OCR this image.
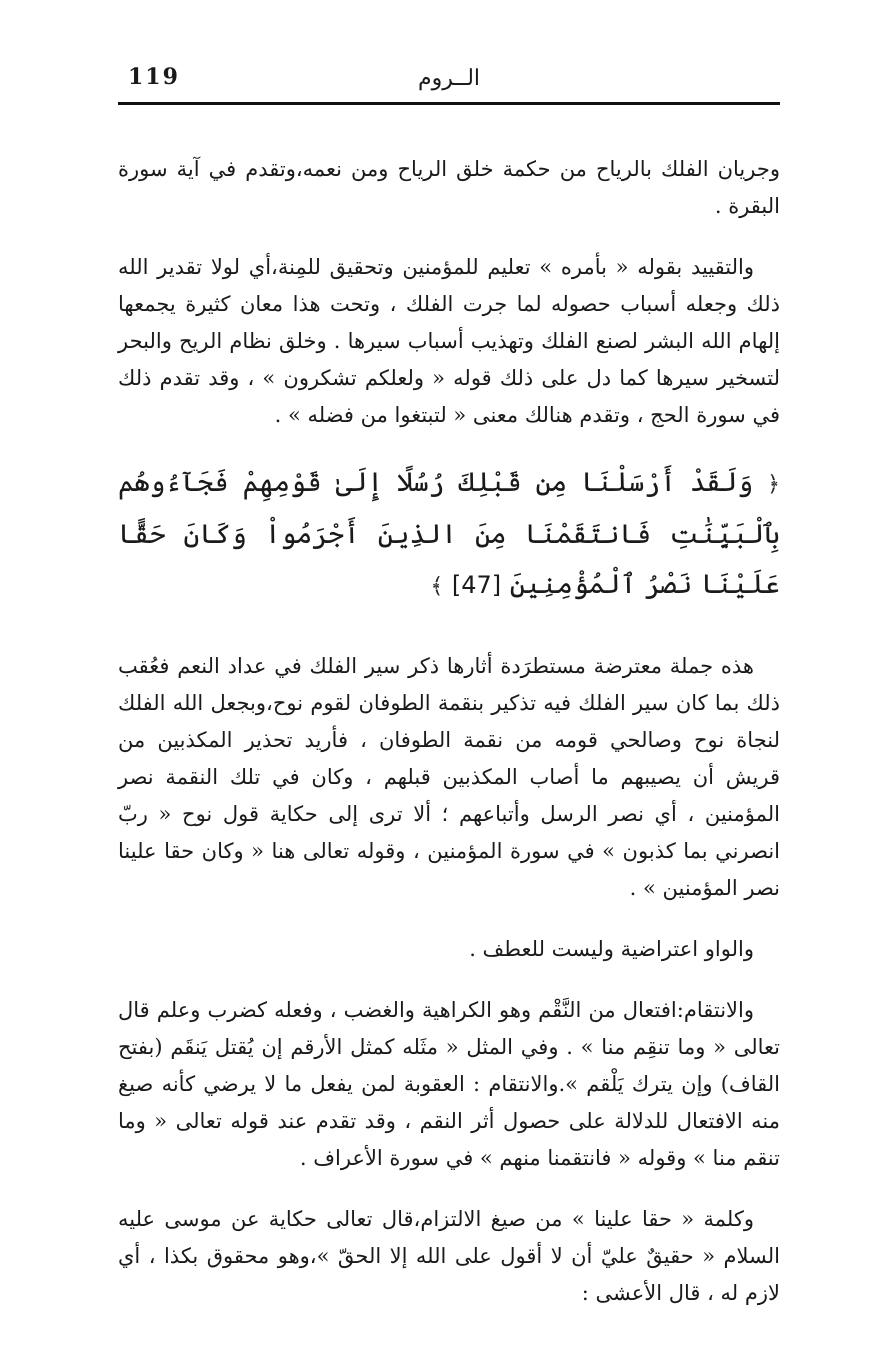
الــروم
119

وجريان الفلك بالرياح من حكمة خلق الرياح ومن نعمه،وتقدم في آية سورة البقرة .

والتقييد بقوله « بأمره » تعليم للمؤمنين وتحقيق للمِنة،أي لولا تقدير الله ذلك وجعله أسباب حصوله لما جرت الفلك ، وتحت هذا معان كثيرة يجمعها إلهام الله البشر لصنع الفلك وتهذيب أسباب سيرها . وخلق نظام الريح والبحر لتسخير سيرها كما دل على ذلك قوله « ولعلكم تشكرون » ، وقد تقدم ذلك في سورة الحج ، وتقدم هنالك معنى « لتبتغوا من فضله » .

﴿ وَلَقَدْ أَرْسَلْنَا مِن قَبْلِكَ رُسُلًا إِلَىٰ قَوْمِهِمْ فَجَآءُوهُم بِٱلْبَيِّنَٰتِ فَانتَقَمْنَا مِنَ الذِينَ أَجْرَمُواْ وَكَانَ حَقًّا عَلَيْنَا نَصْرُ ٱلْمُؤْمِنِينَ [47] ﴾

هذه جملة معترضة مستطرَدة أثارها ذكر سير الفلك في عداد النعم فعُقب ذلك بما كان سير الفلك فيه تذكير بنقمة الطوفان لقوم نوح،وبجعل الله الفلك لنجاة نوح وصالحي قومه من نقمة الطوفان ، فأريد تحذير المكذبين من قريش أن يصيبهم ما أصاب المكذبين قبلهم ، وكان في تلك النقمة نصر المؤمنين ، أي نصر الرسل وأتباعهم ؛ ألا ترى إلى حكاية قول نوح « ربّ انصرني بما كذبون » في سورة المؤمنين ، وقوله تعالى هنا « وكان حقا علينا نصر المؤمنين » .

والواو اعتراضية وليست للعطف .

والانتقام:افتعال من النَّقْم وهو الكراهية والغضب ، وفعله كضرب وعلم قال تعالى « وما تنقِم منا » . وفي المثل « مثَله كمثل الأرقم إن يُقتل يَنقَم (بفتح القاف) وإن يترك يَلْقم ».والانتقام : العقوبة لمن يفعل ما لا يرضي كأنه صيغ منه الافتعال للدلالة على حصول أثر النقم ، وقد تقدم عند قوله تعالى « وما تنقم منا » وقوله « فانتقمنا منهم » في سورة الأعراف .

وكلمة « حقا علينا » من صيغ الالتزام،قال تعالى حكاية عن موسى عليه السلام « حقيقٌ عليّ أن لا أقول على الله إلا الحقّ »،وهو محقوق بكذا ، أي لازم له ، قال الأعشى :
